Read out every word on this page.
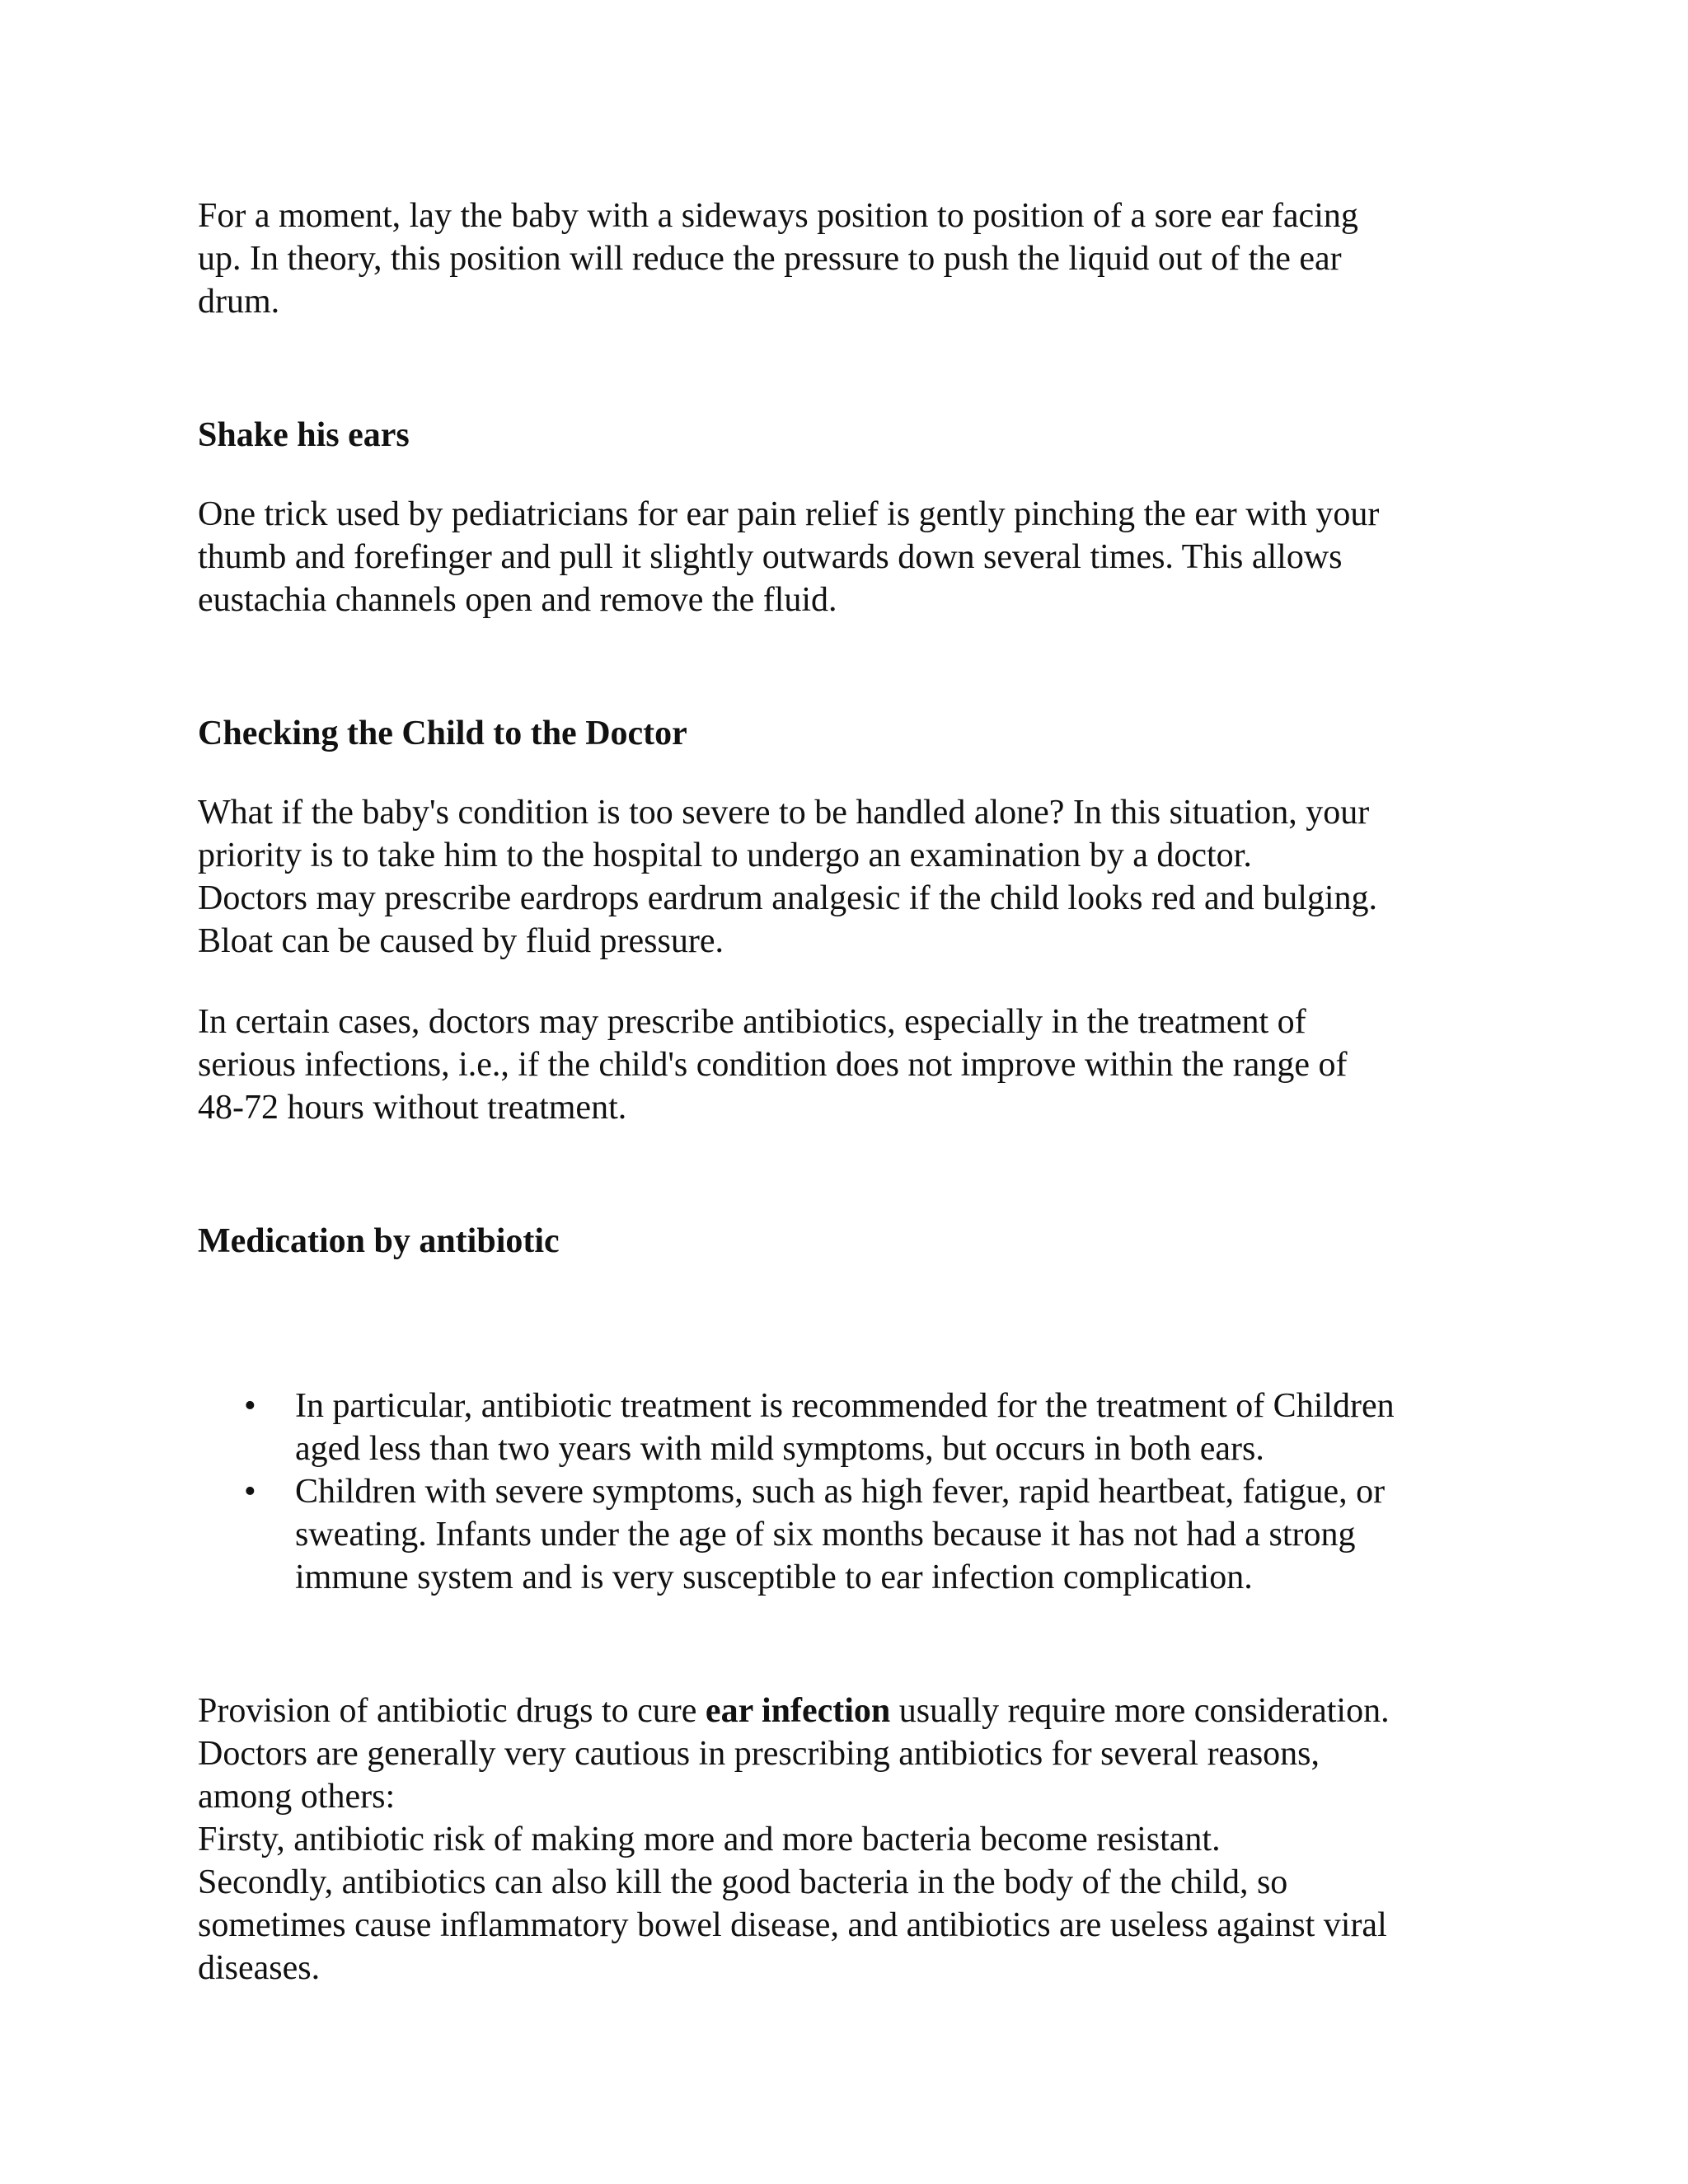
For a moment, lay the baby with a sideways position to position of a sore ear facing
up. In theory, this position will reduce the pressure to push the liquid out of the ear
drum.

Shake his ears

One trick used by pediatricians for ear pain relief is gently pinching the ear with your
thumb and forefinger and pull it slightly outwards down several times. This allows
eustachia channels open and remove the fluid.

Checking the Child to the Doctor

What if the baby's condition is too severe to be handled alone? In this situation, your
priority is to take him to the hospital to undergo an examination by a doctor.
Doctors may prescribe eardrops eardrum analgesic if the child looks red and bulging.
Bloat can be caused by fluid pressure.

In certain cases, doctors may prescribe antibiotics, especially in the treatment of
serious infections, i.e., if the child's condition does not improve within the range of
48-72 hours without treatment.

Medication by antibiotic
• In particular, antibiotic treatment is recommended for the treatment of Children
aged less than two years with mild symptoms, but occurs in both ears.
• Children with severe symptoms, such as high fever, rapid heartbeat, fatigue, or
sweating. Infants under the age of six months because it has not had a strong
immune system and is very susceptible to ear infection complication.

Provision of antibiotic drugs to cure ear infection usually require more consideration.
Doctors are generally very cautious in prescribing antibiotics for several reasons,
among others:
Firsty, antibiotic risk of making more and more bacteria become resistant.
Secondly, antibiotics can also kill the good bacteria in the body of the child, so
sometimes cause inflammatory bowel disease, and antibiotics are useless against viral
diseases.
